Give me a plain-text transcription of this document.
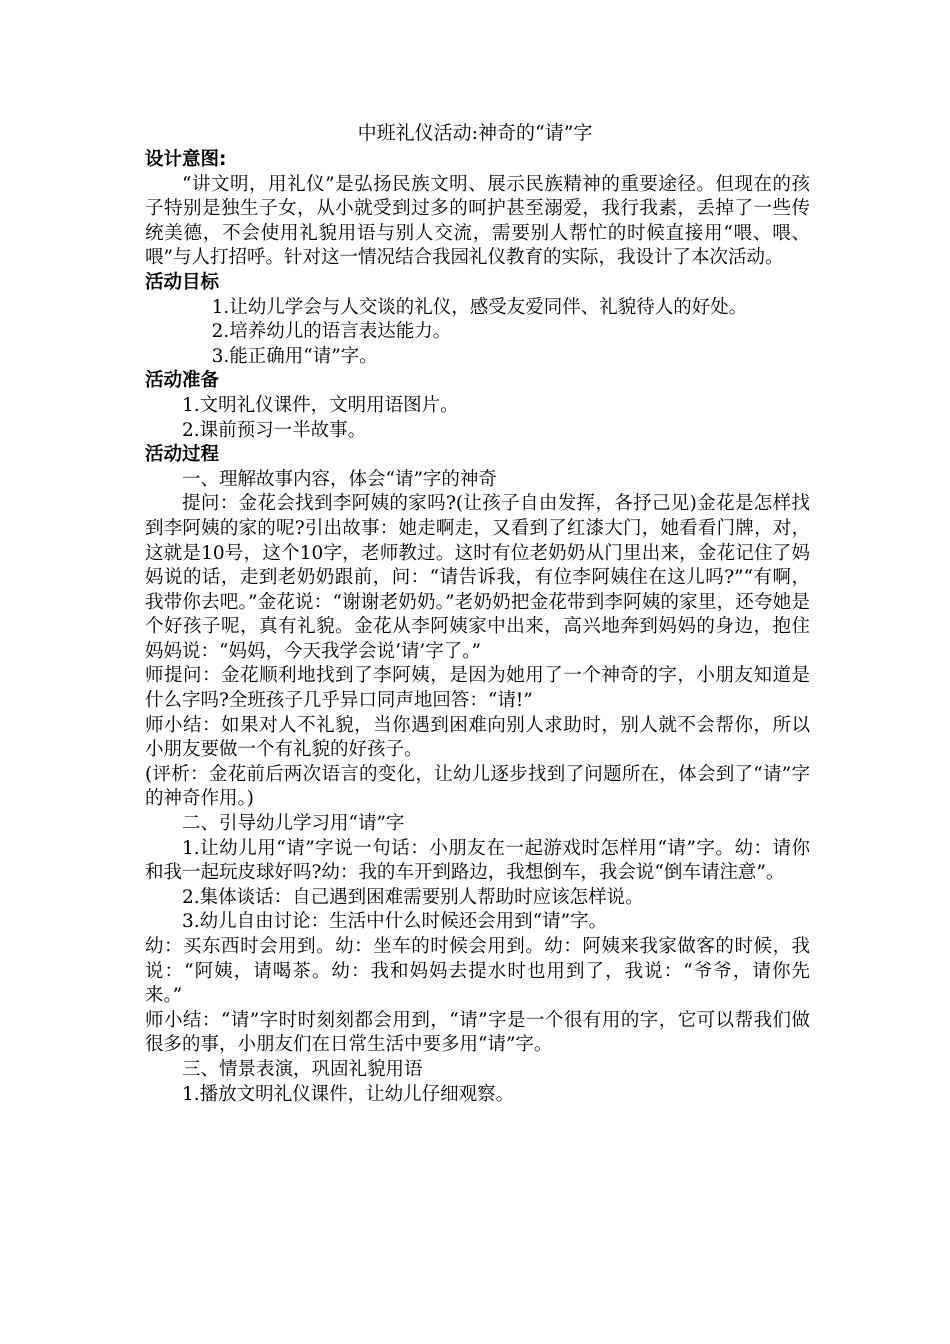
中班礼仪活动:神奇的“请”字

设计意图:

“讲文明，用礼仪”是弘扬民族文明、展示民族精神的重要途径。但现在的孩子特别是独生子女，从小就受到过多的呵护甚至溺爱，我行我素，丢掉了一些传统美德，不会使用礼貌用语与别人交流，需要别人帮忙的时候直接用“喂、喂、喂”与人打招呼。针对这一情况结合我园礼仪教育的实际，我设计了本次活动。

活动目标

1.让幼儿学会与人交谈的礼仪，感受友爱同伴、礼貌待人的好处。

2.培养幼儿的语言表达能力。

3.能正确用“请”字。

活动准备

1.文明礼仪课件，文明用语图片。

2.课前预习一半故事。

活动过程

一、理解故事内容，体会“请”字的神奇

提问：金花会找到李阿姨的家吗?(让孩子自由发挥，各抒己见)金花是怎样找到李阿姨的家的呢?引出故事：她走啊走，又看到了红漆大门，她看看门牌，对，这就是10号，这个10字，老师教过。这时有位老奶奶从门里出来，金花记住了妈妈说的话，走到老奶奶跟前，问：“请告诉我，有位李阿姨住在这儿吗?”“有啊，我带你去吧。”金花说：“谢谢老奶奶。”老奶奶把金花带到李阿姨的家里，还夸她是个好孩子呢，真有礼貌。金花从李阿姨家中出来，高兴地奔到妈妈的身边，抱住妈妈说：“妈妈，今天我学会说‘请’字了。”

师提问：金花顺利地找到了李阿姨，是因为她用了一个神奇的字，小朋友知道是什么字吗?全班孩子几乎异口同声地回答：“请!”

师小结：如果对人不礼貌，当你遇到困难向别人求助时，别人就不会帮你，所以小朋友要做一个有礼貌的好孩子。

(评析：金花前后两次语言的变化，让幼儿逐步找到了问题所在，体会到了“请”字的神奇作用。)

二、引导幼儿学习用“请”字

1.让幼儿用“请”字说一句话：小朋友在一起游戏时怎样用“请”字。幼：请你和我一起玩皮球好吗?幼：我的车开到路边，我想倒车，我会说“倒车请注意”。

2.集体谈话：自己遇到困难需要别人帮助时应该怎样说。

3.幼儿自由讨论：生活中什么时候还会用到“请”字。

幼：买东西时会用到。幼：坐车的时候会用到。幼：阿姨来我家做客的时候，我说：“阿姨，请喝茶。幼：我和妈妈去提水时也用到了，我说：“爷爷，请你先来。”

师小结：“请”字时时刻刻都会用到，“请”字是一个很有用的字，它可以帮我们做很多的事，小朋友们在日常生活中要多用“请”字。

三、情景表演，巩固礼貌用语

1.播放文明礼仪课件，让幼儿仔细观察。
